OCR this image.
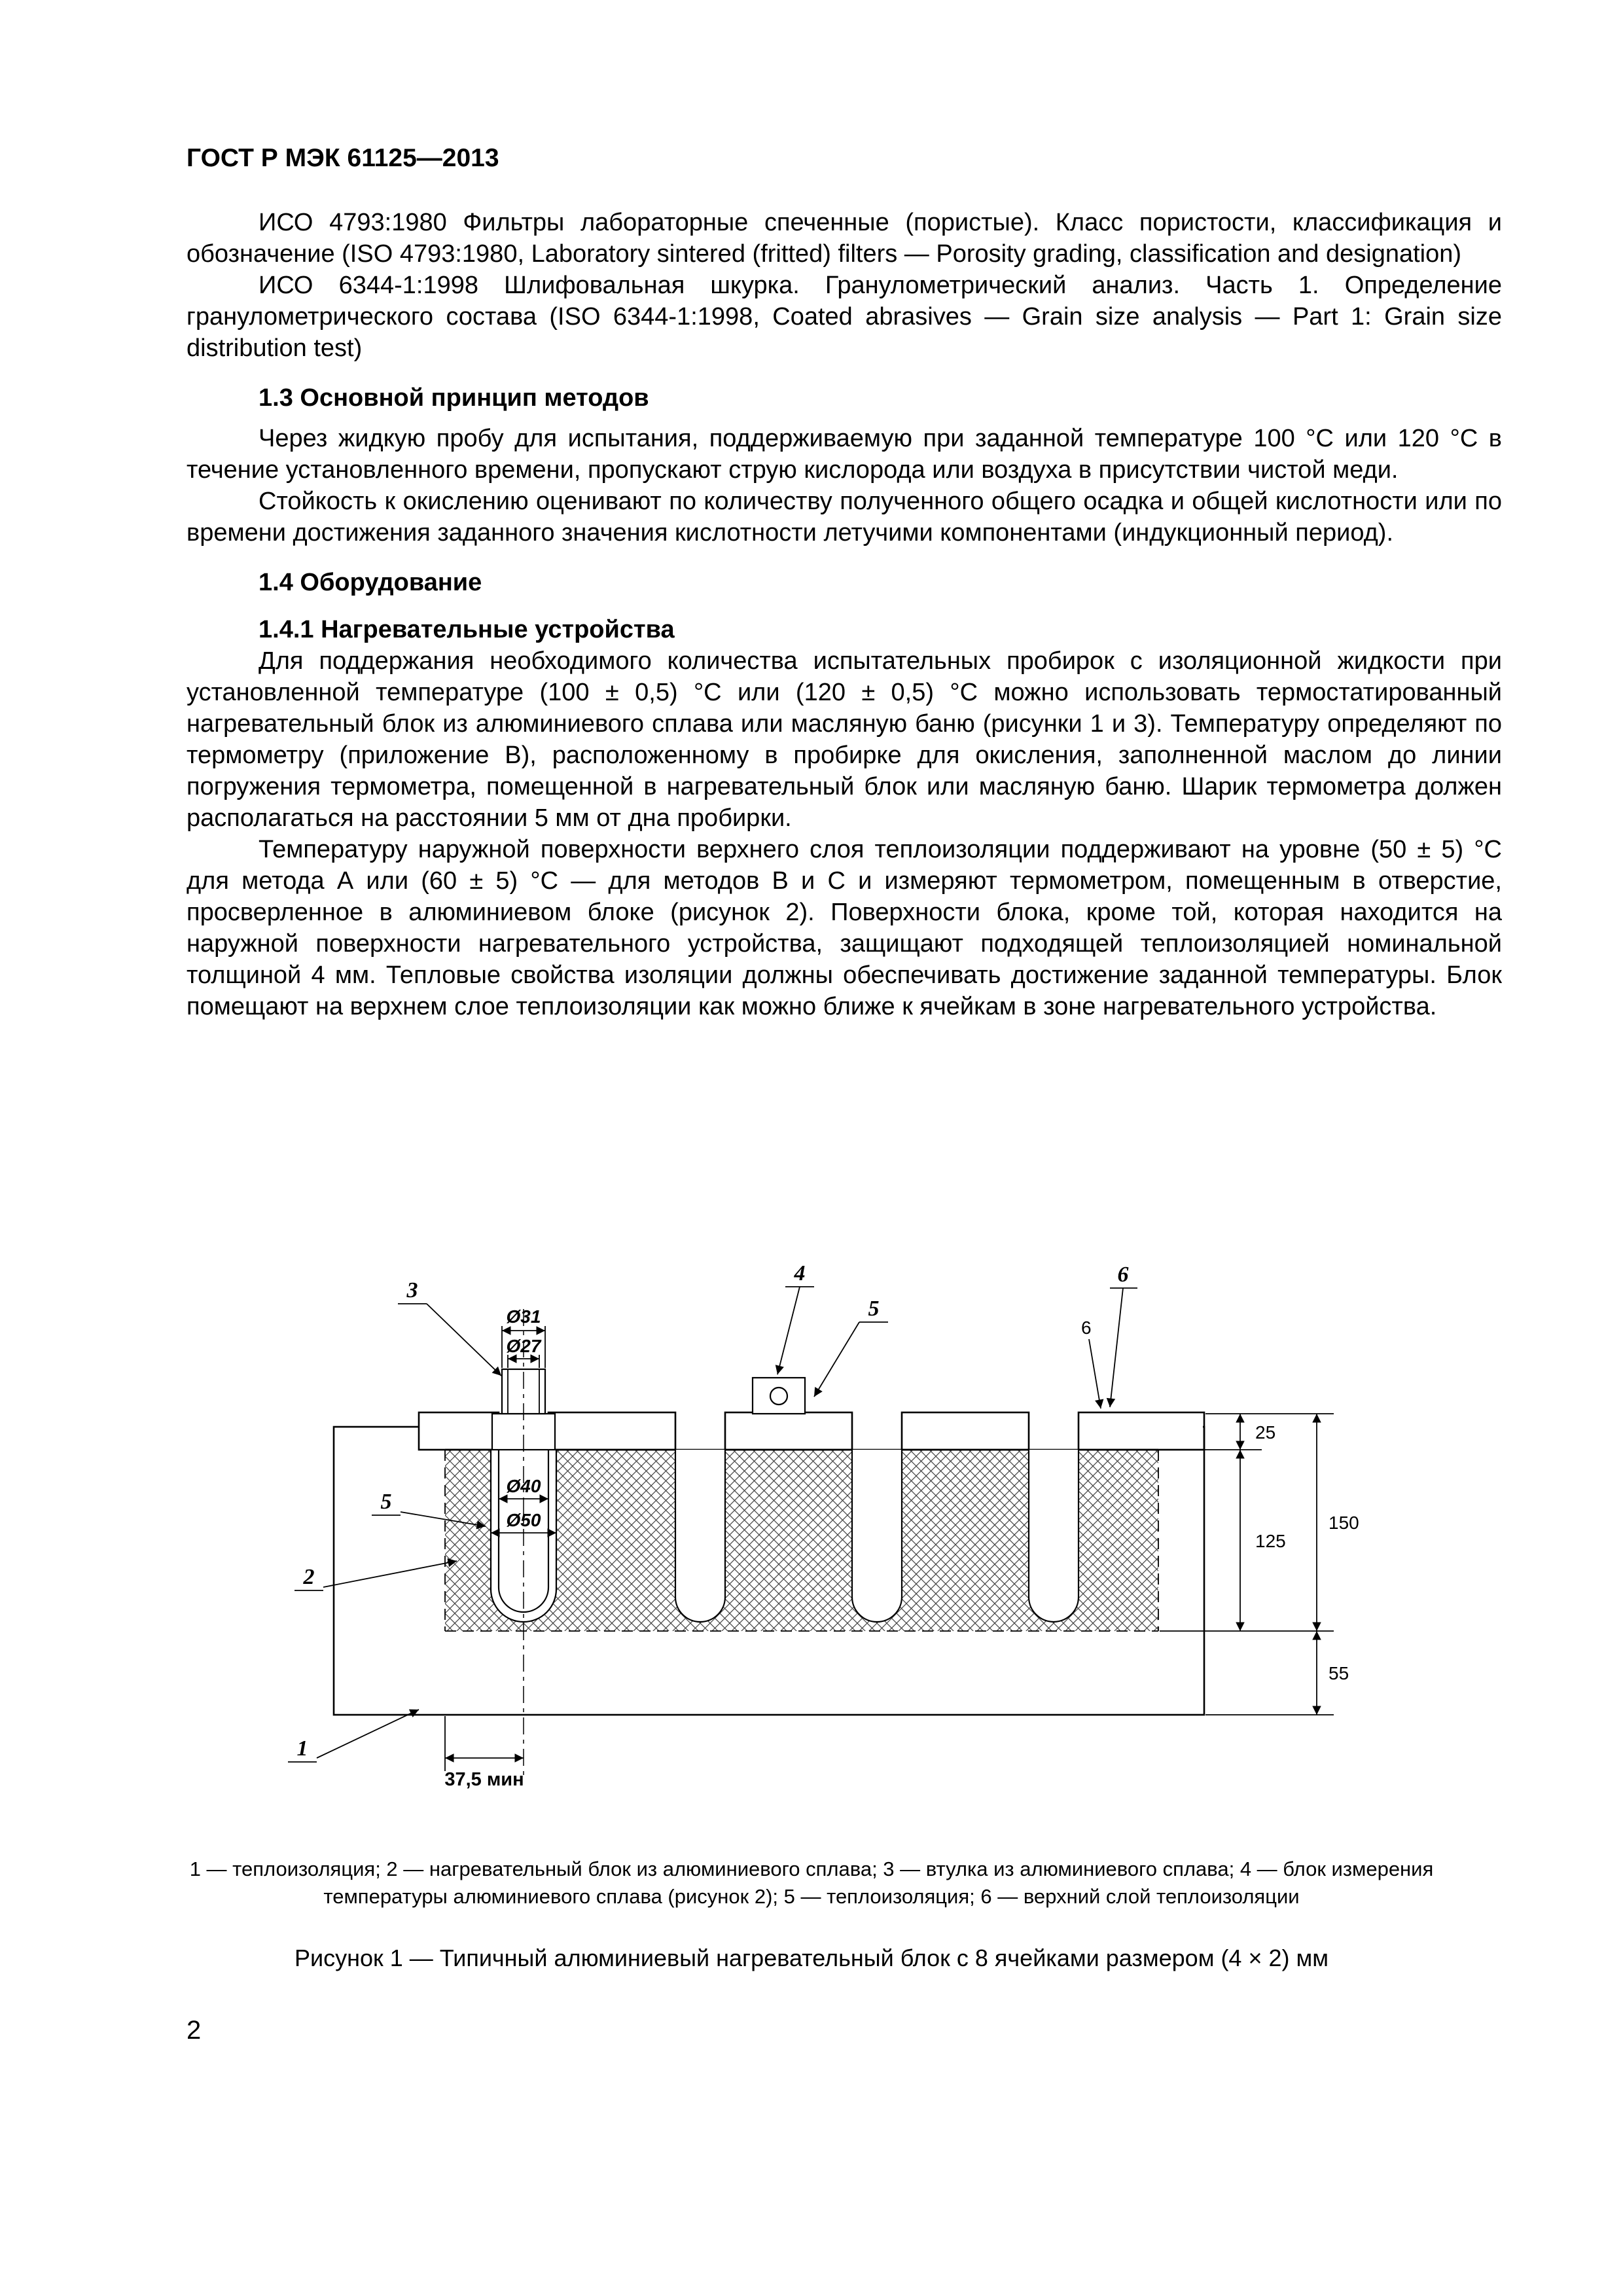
ГОСТ Р МЭК 61125—2013

ИСО 4793:1980 Фильтры лабораторные спеченные (пористые). Класс пористости, классификация и обозначение (ISO 4793:1980, Laboratory sintered (fritted) filters — Porosity grading, classification and designation)

ИСО 6344-1:1998 Шлифовальная шкурка. Гранулометрический анализ. Часть 1. Определение гранулометрического состава (ISO 6344-1:1998, Coated abrasives — Grain size analysis — Part 1: Grain size distribution test)

1.3 Основной принцип методов

Через жидкую пробу для испытания, поддерживаемую при заданной температуре 100 °С или 120 °С в течение установленного времени, пропускают струю кислорода или воздуха в присутствии чистой меди.

Стойкость к окислению оценивают по количеству полученного общего осадка и общей кислотности или по времени достижения заданного значения кислотности летучими компонентами (индукционный период).

1.4 Оборудование

1.4.1 Нагревательные устройства

Для поддержания необходимого количества испытательных пробирок с изоляционной жидкости при установленной температуре (100 ± 0,5) °С или (120 ± 0,5) °С можно использовать термостатированный нагревательный блок из алюминиевого сплава или масляную баню (рисунки 1 и 3). Температуру определяют по термометру (приложение В), расположенному в пробирке для окисления, заполненной маслом до линии погружения термометра, помещенной в нагревательный блок или масляную баню. Шарик термометра должен располагаться на расстоянии 5 мм от дна пробирки.

Температуру наружной поверхности верхнего слоя теплоизоляции поддерживают на уровне (50 ± 5) °С для метода А или (60 ± 5) °С — для методов В и С и измеряют термометром, помещенным в отверстие, просверленное в алюминиевом блоке (рисунок 2). Поверхности блока, кроме той, которая находится на наружной поверхности нагревательного устройства, защищают подходящей теплоизоляцией номинальной толщиной 4 мм. Тепловые свойства изоляции должны обеспечивать достижение заданной температуры. Блок помещают на верхнем слое теплоизоляции как можно ближе к ячейкам в зоне нагревательного устройства.

Ø31
Ø27
Ø40
Ø50
25
125
150
55
37,5 мин
3
4
5
6
6
5
2
1
1 — теплоизоляция; 2 — нагревательный блок из алюминиевого сплава; 3 — втулка из алюминиевого сплава; 4 — блок измерения температуры алюминиевого сплава (рисунок 2); 5 — теплоизоляция; 6 — верхний слой теплоизоляции
Рисунок 1 — Типичный алюминиевый нагревательный блок с 8 ячейками размером (4 × 2) мм
2
